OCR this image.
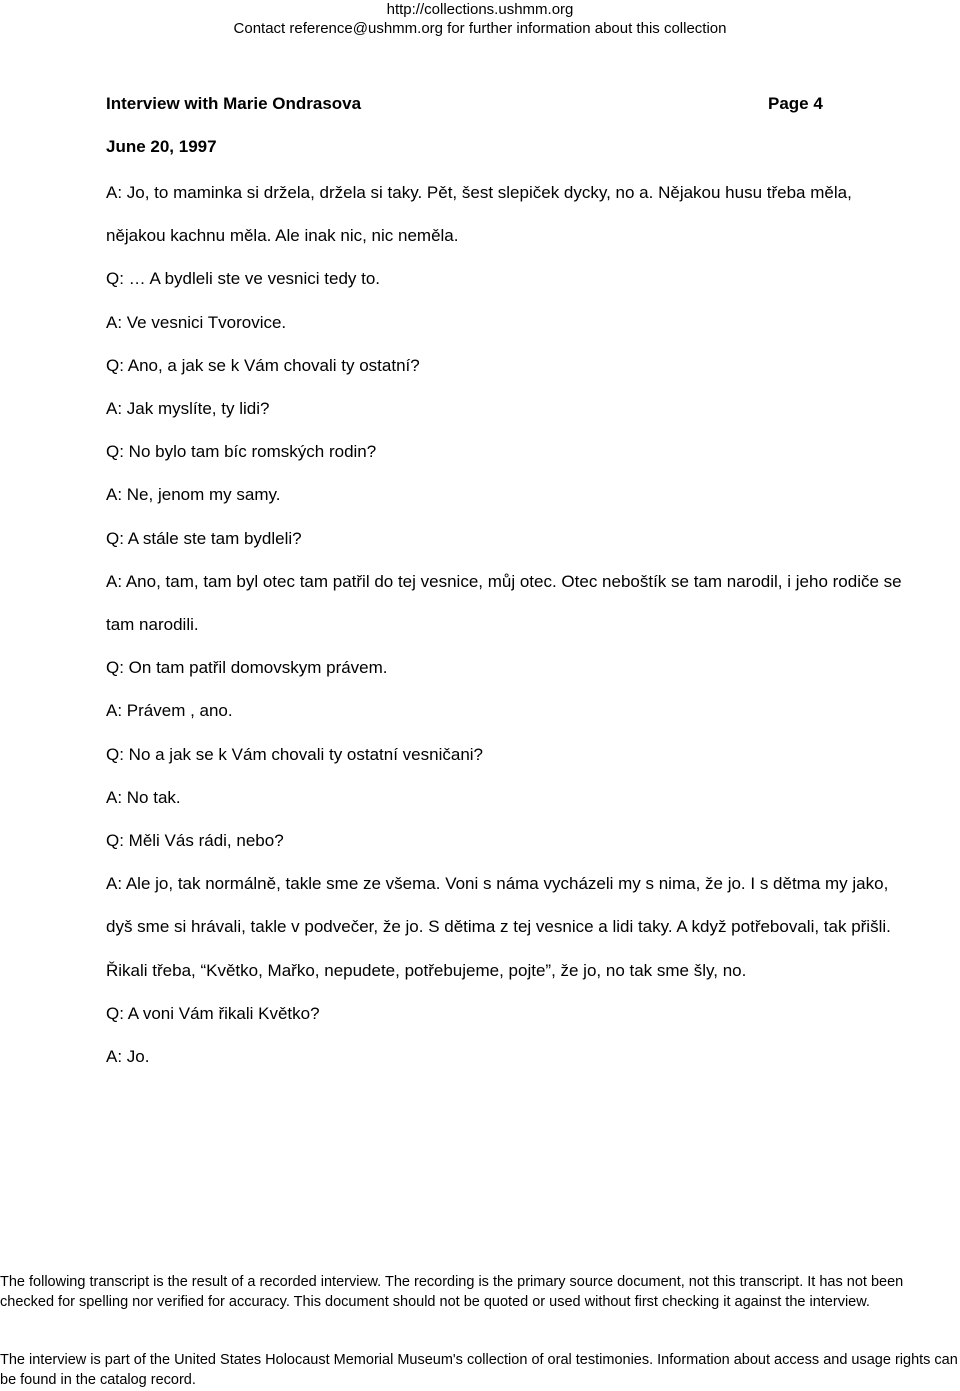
http://collections.ushmm.org
Contact reference@ushmm.org for further information about this collection
Interview with Marie Ondrasova	Page 4
June 20, 1997

A: Jo, to maminka si držela, držela si taky. Pět, šest slepiček dycky, no a. Nějakou husu třeba měla, nějakou kachnu měla. Ale inak nic, nic neměla.

Q: … A bydleli ste ve vesnici tedy to.

A: Ve vesnici Tvorovice.

Q: Ano, a jak se k Vám chovali ty ostatní?

A: Jak myslíte, ty lidi?

Q: No bylo tam bíc romských rodin?

A: Ne, jenom my samy.

Q: A stále ste tam bydleli?

A: Ano, tam, tam byl otec tam patřil do tej vesnice, můj otec. Otec neboštík se tam narodil, i jeho rodiče se tam narodili.

Q: On tam patřil domovskym právem.

A: Právem , ano.

Q: No a jak se k Vám chovali ty ostatní vesničani?

A: No tak.

Q: Měli Vás rádi, nebo?

A: Ale jo, tak normálně, takle sme ze všema. Voni s náma vycházeli my s nima, že jo. I s dětma my jako, dyš sme si hrávali, takle v podvečer, že jo. S dětima z tej vesnice a lidi taky. A když potřebovali, tak přišli. Řikali třeba, “Květko, Mařko, nepudete, potřebujeme, pojte”, že jo, no tak sme šly, no.

Q: A voni Vám řikali Květko?

A: Jo.

The following transcript is the result of a recorded interview. The recording is the primary source document, not this transcript. It has not been checked for spelling nor verified for accuracy. This document should not be quoted or used without first checking it against the interview.
The interview is part of the United States Holocaust Memorial Museum's collection of oral testimonies. Information about access and usage rights can be found in the catalog record.
